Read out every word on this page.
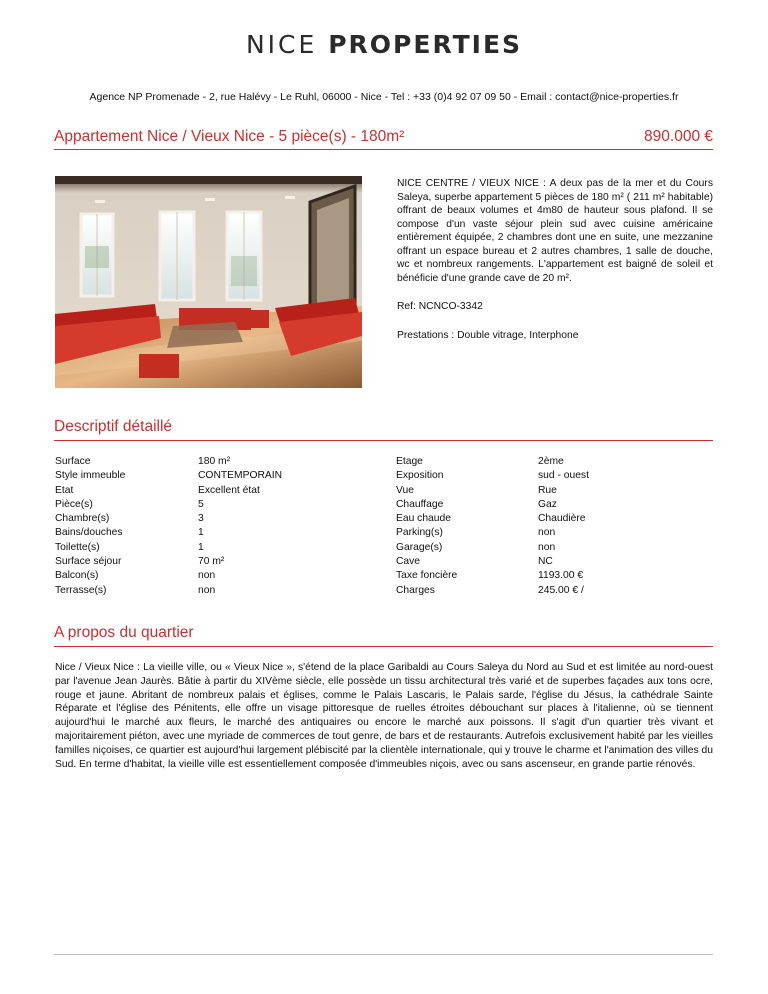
NICE PROPERTIES
Agence NP Promenade - 2, rue Halévy - Le Ruhl, 06000 - Nice - Tel : +33 (0)4 92 07 09 50 - Email : contact@nice-properties.fr
Appartement Nice / Vieux Nice - 5 pièce(s) - 180m²	890.000 €

NICE CENTRE / VIEUX NICE : A deux pas de la mer et du Cours Saleya, superbe appartement 5 pièces de 180 m² ( 211 m² habitable) offrant de beaux volumes et 4m80 de hauteur sous plafond. Il se compose d'un vaste séjour plein sud avec cuisine américaine entièrement équipée, 2 chambres dont une en suite, une mezzanine offrant un espace bureau et 2 autres chambres, 1 salle de douche, wc et nombreux rangements. L'appartement est baigné de soleil et bénéficie d'une grande cave de 20 m².

Ref: NCNCO-3342

Prestations : Double vitrage, Interphone

Descriptif détaillé
Surface
Style immeuble
Etat
Pièce(s)
Chambre(s)
Bains/douches
Toilette(s)
Surface séjour
Balcon(s)
Terrasse(s)
180 m²
CONTEMPORAIN
Excellent état
5
3
1
1
70 m²
non
non
Etage
Exposition
Vue
Chauffage
Eau chaude
Parking(s)
Garage(s)
Cave
Taxe foncière
Charges
2ème
sud - ouest
Rue
Gaz
Chaudière
non
non
NC
1193.00 €
245.00 € /
A propos du quartier

Nice / Vieux Nice : La vieille ville, ou « Vieux Nice », s'étend de la place Garibaldi au Cours Saleya du Nord au Sud et est limitée au nord-ouest par l'avenue Jean Jaurès. Bâtie à partir du XIVème siècle, elle possède un tissu architectural très varié et de superbes façades aux tons ocre, rouge et jaune. Abritant de nombreux palais et églises, comme le Palais Lascaris, le Palais sarde, l'église du Jésus, la cathédrale Sainte Réparate et l'église des Pénitents, elle offre un visage pittoresque de ruelles étroites débouchant sur places à l'italienne, où se tiennent aujourd'hui le marché aux fleurs, le marché des antiquaires ou encore le marché aux poissons. Il s'agit d'un quartier très vivant et majoritairement piéton, avec une myriade de commerces de tout genre, de bars et de restaurants. Autrefois exclusivement habité par les vieilles familles niçoises, ce quartier est aujourd'hui largement plébiscité par la clientèle internationale, qui y trouve le charme et l'animation des villes du Sud. En terme d'habitat, la vieille ville est essentiellement composée d'immeubles niçois, avec ou sans ascenseur, en grande partie rénovés.
